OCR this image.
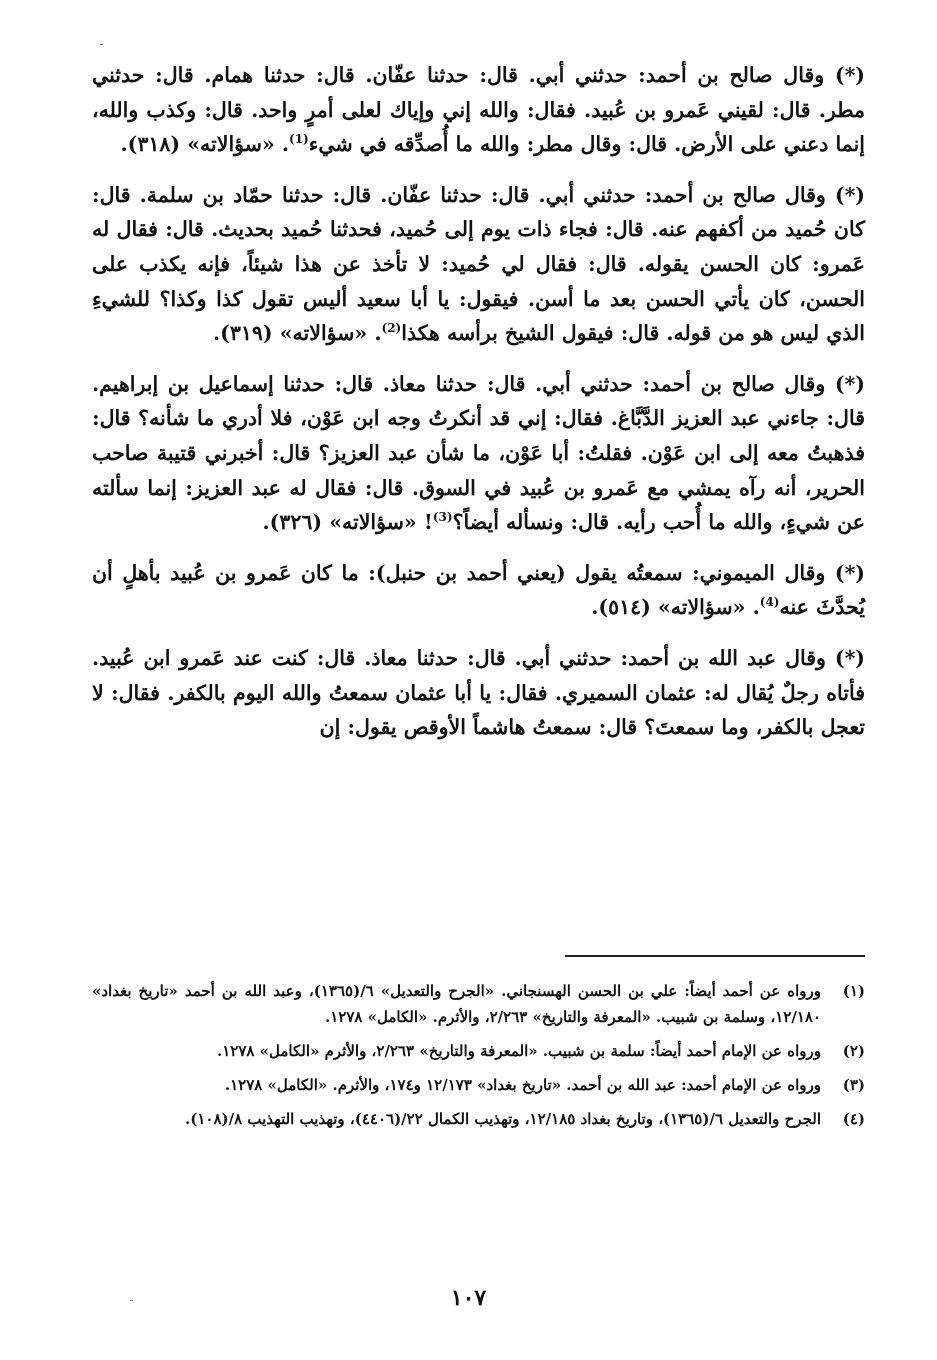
(*) وقال صالح بن أحمد: حدثني أبي. قال: حدثنا عفّان. قال: حدثنا همام. قال: حدثني مطر. قال: لقيني عَمرو بن عُبيد. فقال: والله إني وإياك لعلى أمرٍ واحد. قال: وكذب والله، إنما دعني على الأرض. قال: وقال مطر: والله ما أُصدِّقه في شيء$^{(1)}$. «سؤالاته» (٣١٨).

(*) وقال صالح بن أحمد: حدثني أبي. قال: حدثنا عفّان. قال: حدثنا حمّاد بن سلمة. قال: كان حُميد من أكفهم عنه. قال: فجاء ذات يوم إلى حُميد، فحدثنا حُميد بحديث. قال: فقال له عَمرو: كان الحسن يقوله. قال: فقال لي حُميد: لا تأخذ عن هذا شيئاً، فإنه يكذب على الحسن، كان يأتي الحسن بعد ما أسن. فيقول: يا أبا سعيد أليس تقول كذا وكذا؟ للشيءِ الذي ليس هو من قوله. قال: فيقول الشيخ برأسه هكذا$^{(2)}$. «سؤالاته» (٣١٩).

(*) وقال صالح بن أحمد: حدثني أبي. قال: حدثنا معاذ. قال: حدثنا إسماعيل بن إبراهيم. قال: جاءني عبد العزيز الدَّبَّاغ. فقال: إني قد أنكرتُ وجه ابن عَوْن، فلا أدري ما شأنه؟ قال: فذهبتُ معه إلى ابن عَوْن. فقلتُ: أبا عَوْن، ما شأن عبد العزيز؟ قال: أخبرني قتيبة صاحب الحرير، أنه رآه يمشي مع عَمرو بن عُبيد في السوق. قال: فقال له عبد العزيز: إنما سألته عن شيءٍ، والله ما أُحب رأيه. قال: ونسأله أيضاً؟$^{(3)}$! «سؤالاته» (٣٢٦).

(*) وقال الميموني: سمعتُه يقول (يعني أحمد بن حنبل): ما كان عَمرو بن عُبيد بأهلٍ أن يُحدَّثَ عنه$^{(4)}$. «سؤالاته» (٥١٤).

(*) وقال عبد الله بن أحمد: حدثني أبي. قال: حدثنا معاذ. قال: كنت عند عَمرو ابن عُبيد. فأتاه رجلٌ يُقال له: عثمان السميري. فقال: يا أبا عثمان سمعتُ والله اليوم بالكفر. فقال: لا تعجل بالكفر، وما سمعتَ؟ قال: سمعتُ هاشماً الأوقص يقول: إن

(١)
ورواه عن أحمد أيضاً: علي بن الحسن الهسنجاني. «الجرح والتعديل» ٦/(١٣٦٥)، وعبد الله بن أحمد «تاريخ بغداد» ١٢/١٨٠، وسلمة بن شبيب. «المعرفة والتاريخ» ٢/٢٦٣، والأثرم. «الكامل» ١٢٧٨.
(٢)
ورواه عن الإمام أحمد أيضاً: سلمة بن شبيب. «المعرفة والتاريخ» ٢/٢٦٣، والأثرم «الكامل» ١٢٧٨.
(٣)
ورواه عن الإمام أحمد: عبد الله بن أحمد. «تاريخ بغداد» ١٢/١٧٣ و١٧٤، والأثرم. «الكامل» ١٢٧٨.
(٤)
الجرح والتعديل ٦/(١٣٦٥)، وتاريخ بغداد ١٢/١٨٥، وتهذيب الكمال ٢٢/(٤٤٠٦)، وتهذيب التهذيب ٨/(١٠٨).
١٠٧
